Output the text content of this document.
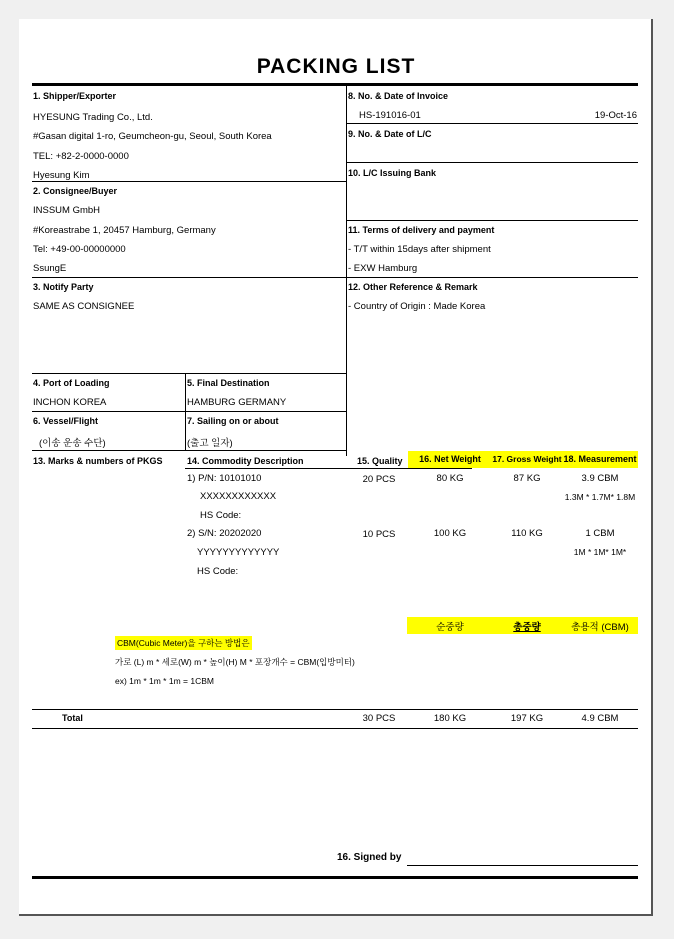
PACKING LIST
1. Shipper/Exporter
HYESUNG Trading Co., Ltd.
#Gasan digital 1-ro, Geumcheon-gu, Seoul, South Korea
TEL: +82-2-0000-0000
Hyesung Kim
8. No. & Date of Invoice
HS-191016-01	19-Oct-16
9. No. & Date of L/C
2. Consignee/Buyer
INSSUM GmbH
#Koreastrabe 1, 20457 Hamburg, Germany
Tel: +49-00-00000000
SsungE
10. L/C Issuing Bank
11. Terms of delivery and payment
- T/T within 15days after shipment
- EXW Hamburg
3. Notify Party
SAME AS CONSIGNEE
12. Other Reference & Remark
- Country of Origin : Made Korea
4. Port of Loading
INCHON KOREA
5. Final Destination
HAMBURG GERMANY
6. Vessel/Flight
(이송 운송 수단)
7. Sailing on or about
(출고 일자)
13. Marks & numbers of PKGS	14. Commodity Description	15. Quality	16. Net Weight	17. Gross Weight 18. Measurement
1) P/N: 10101010
XXXXXXXXXXXX
HS Code:
20 PCS	80 KG	87 KG	3.9 CBM
1.3M * 1.7M* 1.8M
2) S/N: 20202020
YYYYYYYYYYYYY
HS Code:
10 PCS	100 KG	110 KG	1 CBM
1M * 1M* 1M*
순중량	총중량	총용적 (CBM)
CBM(Cubic Meter)을 구하는 방법은
가로 (L) m * 세로(W) m * 높이(H) M * 포장개수 = CBM(입방미터)
ex) 1m * 1m * 1m = 1CBM
Total	30 PCS	180 KG	197 KG	4.9 CBM
16. Signed by
